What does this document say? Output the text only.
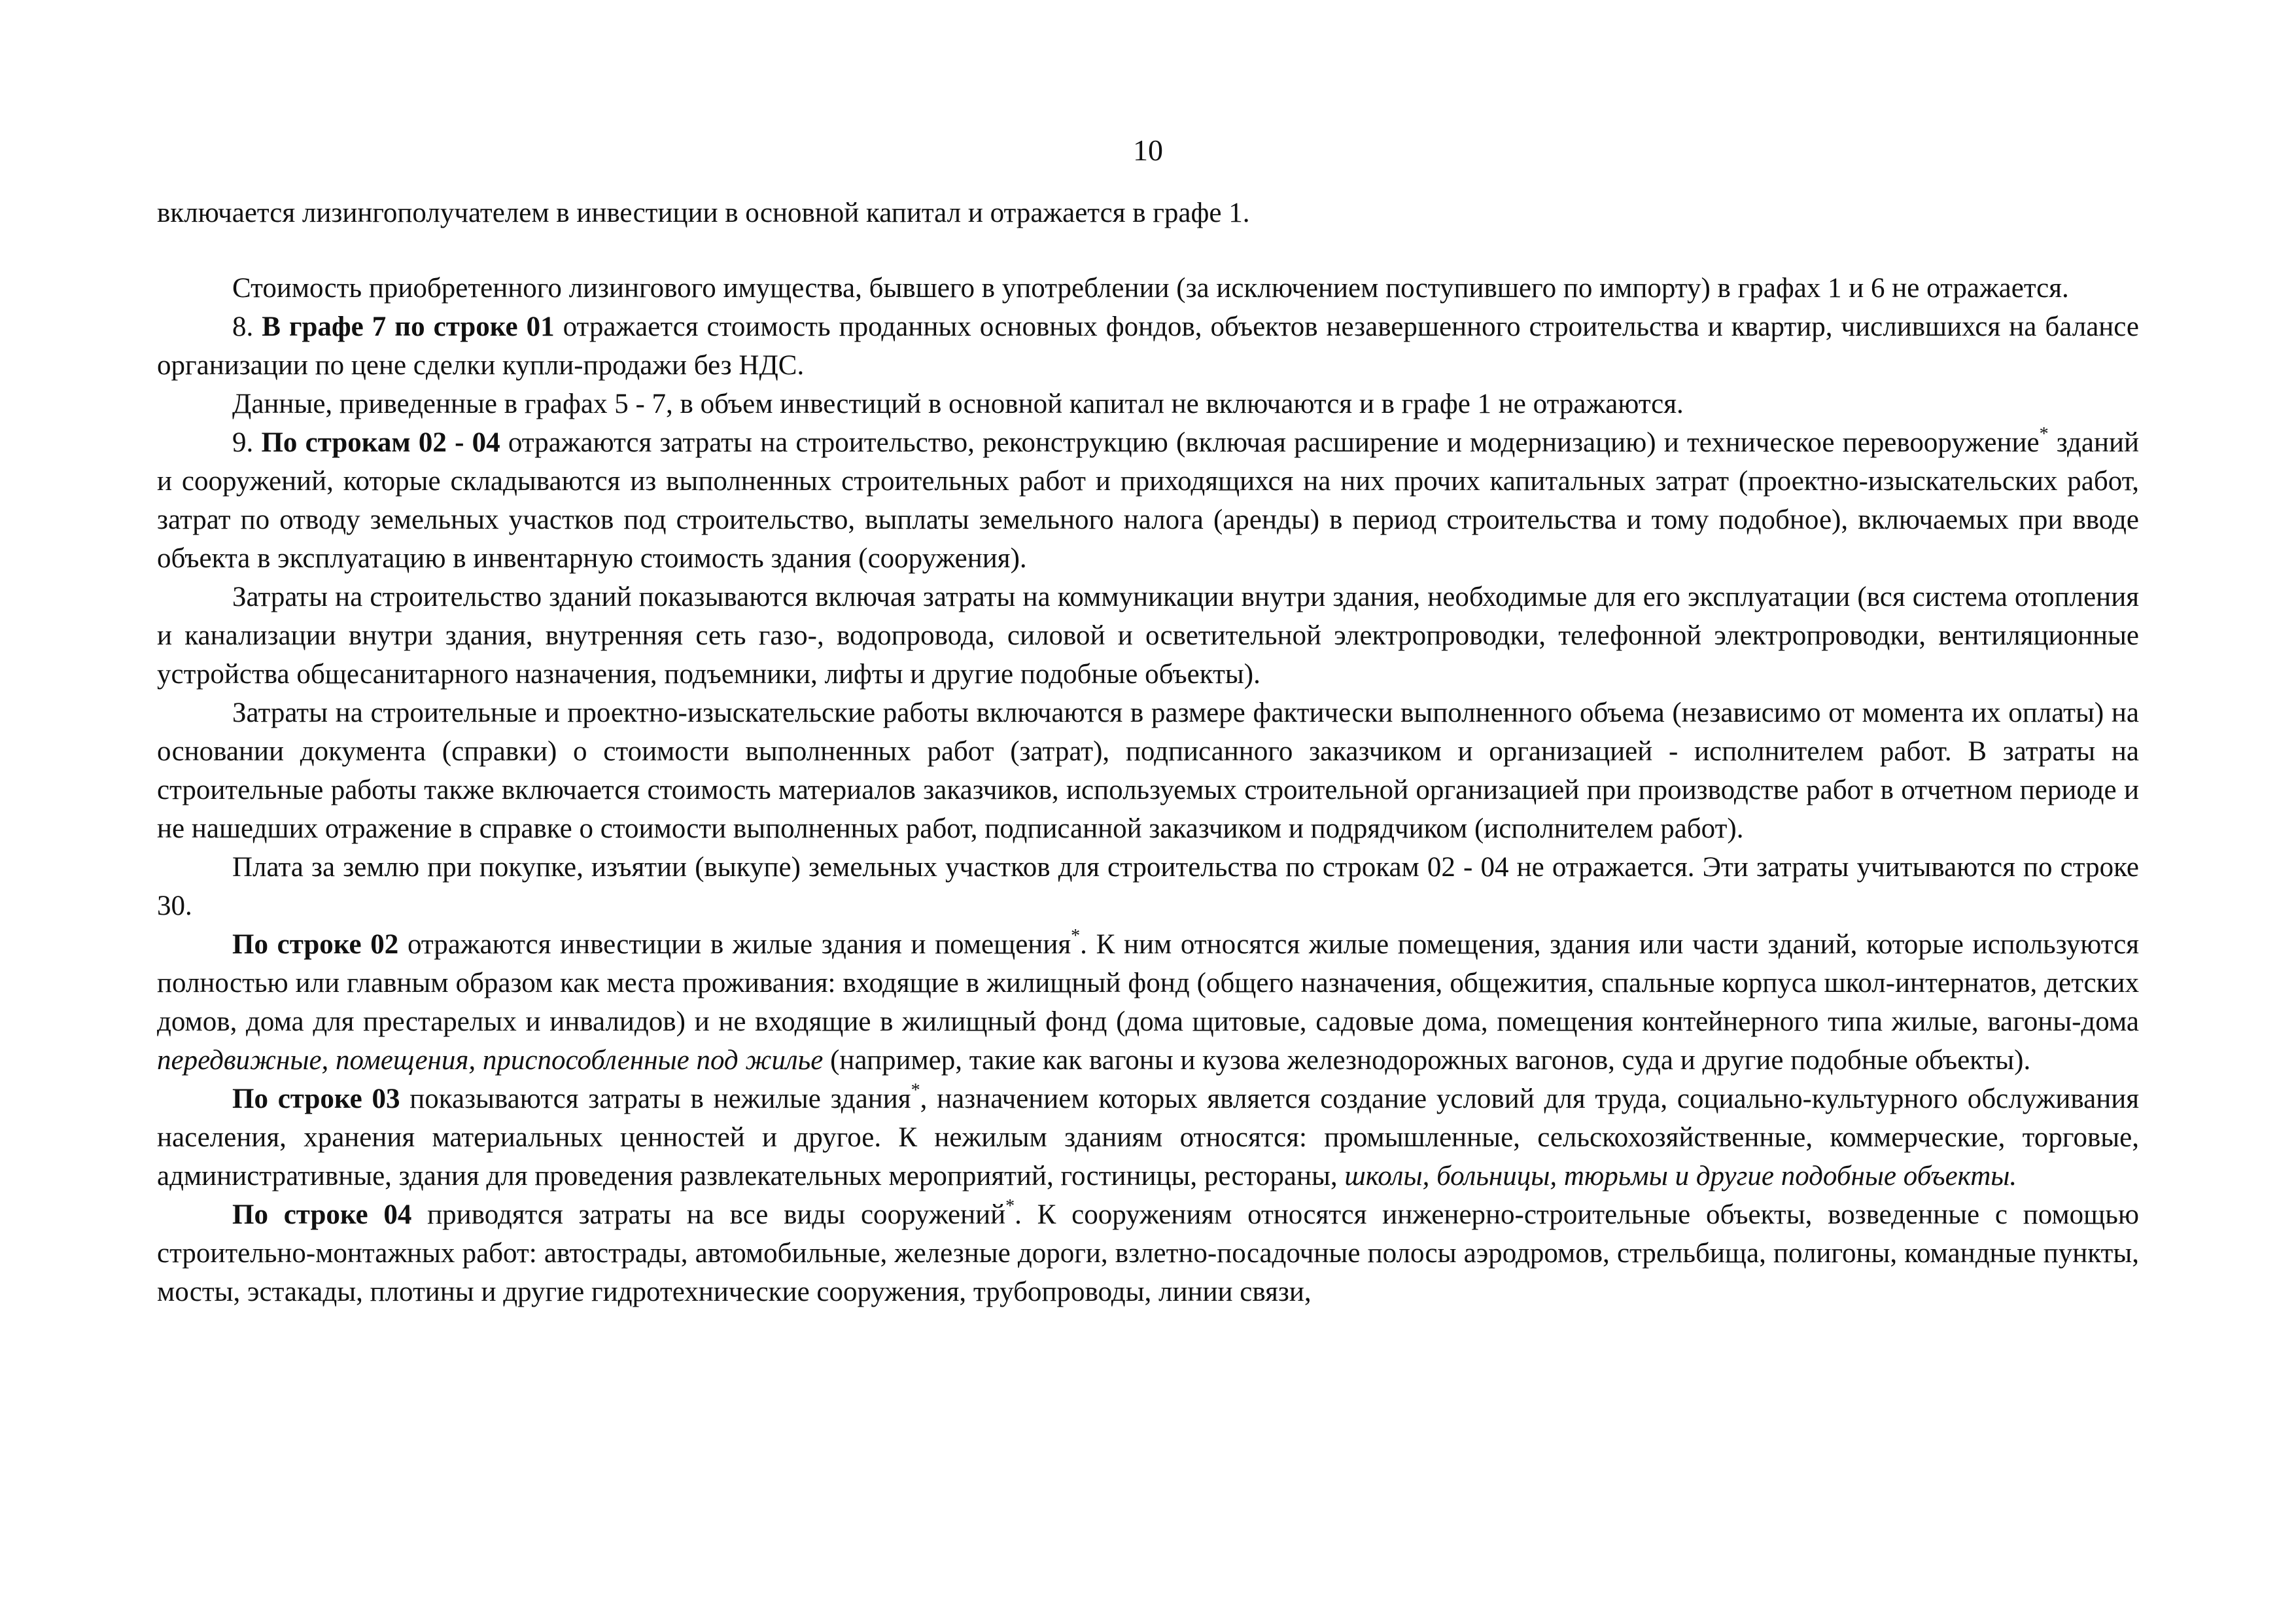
10

включается лизингополучателем в инвестиции в основной капитал и отражается в графе 1.

Стоимость приобретенного лизингового имущества, бывшего в употреблении (за исключением поступившего по импорту) в графах 1 и 6 не отражается.

8. В графе 7 по строке 01 отражается стоимость проданных основных фондов, объектов незавершенного строительства и квартир, числившихся на балансе организации по цене сделки купли-продажи без НДС.

Данные, приведенные в графах 5 - 7, в объем инвестиций в основной капитал не включаются и в графе 1 не отражаются.

9. По строкам 02 - 04 отражаются затраты на строительство, реконструкцию (включая расширение и модернизацию) и техническое перевооружение* зданий и сооружений, которые складываются из выполненных строительных работ и приходящихся на них прочих капитальных затрат (проектно-изыскательских работ, затрат по отводу земельных участков под строительство, выплаты земельного налога (аренды) в период строительства и тому подобное), включаемых при вводе объекта в эксплуатацию в инвентарную стоимость здания (сооружения).

Затраты на строительство зданий показываются включая затраты на коммуникации внутри здания, необходимые для его эксплуатации (вся система отопления и канализации внутри здания, внутренняя сеть газо-, водопровода, силовой и осветительной электропроводки, телефонной электропроводки, вентиляционные устройства общесанитарного назначения, подъемники, лифты и другие подобные объекты).

Затраты на строительные и проектно-изыскательские работы включаются в размере фактически выполненного объема (независимо от момента их оплаты) на основании документа (справки) о стоимости выполненных работ (затрат), подписанного заказчиком и организацией - исполнителем работ. В затраты на строительные работы также включается стоимость материалов заказчиков, используемых строительной организацией при производстве работ в отчетном периоде и не нашедших отражение в справке о стоимости выполненных работ, подписанной заказчиком и подрядчиком (исполнителем работ).

Плата за землю при покупке, изъятии (выкупе) земельных участков для строительства по строкам 02 - 04 не отражается. Эти затраты учитываются по строке 30.

По строке 02 отражаются инвестиции в жилые здания и помещения*. К ним относятся жилые помещения, здания или части зданий, которые используются полностью или главным образом как места проживания: входящие в жилищный фонд (общего назначения, общежития, спальные корпуса школ-интернатов, детских домов, дома для престарелых и инвалидов) и не входящие в жилищный фонд (дома щитовые, садовые дома, помещения контейнерного типа жилые, вагоны-дома передвижные, помещения, приспособленные под жилье (например, такие как вагоны и кузова железнодорожных вагонов, суда и другие подобные объекты).

По строке 03 показываются затраты в нежилые здания*, назначением которых является создание условий для труда, социально-культурного обслуживания населения, хранения материальных ценностей и другое. К нежилым зданиям относятся: промышленные, сельскохозяйственные, коммерческие, торговые, административные, здания для проведения развлекательных мероприятий, гостиницы, рестораны, школы, больницы, тюрьмы и другие подобные объекты.

По строке 04 приводятся затраты на все виды сооружений*. К сооружениям относятся инженерно-строительные объекты, возведенные с помощью строительно-монтажных работ: автострады, автомобильные, железные дороги, взлетно-посадочные полосы аэродромов, стрельбища, полигоны, командные пункты, мосты, эстакады, плотины и другие гидротехнические сооружения, трубопроводы, линии связи,
